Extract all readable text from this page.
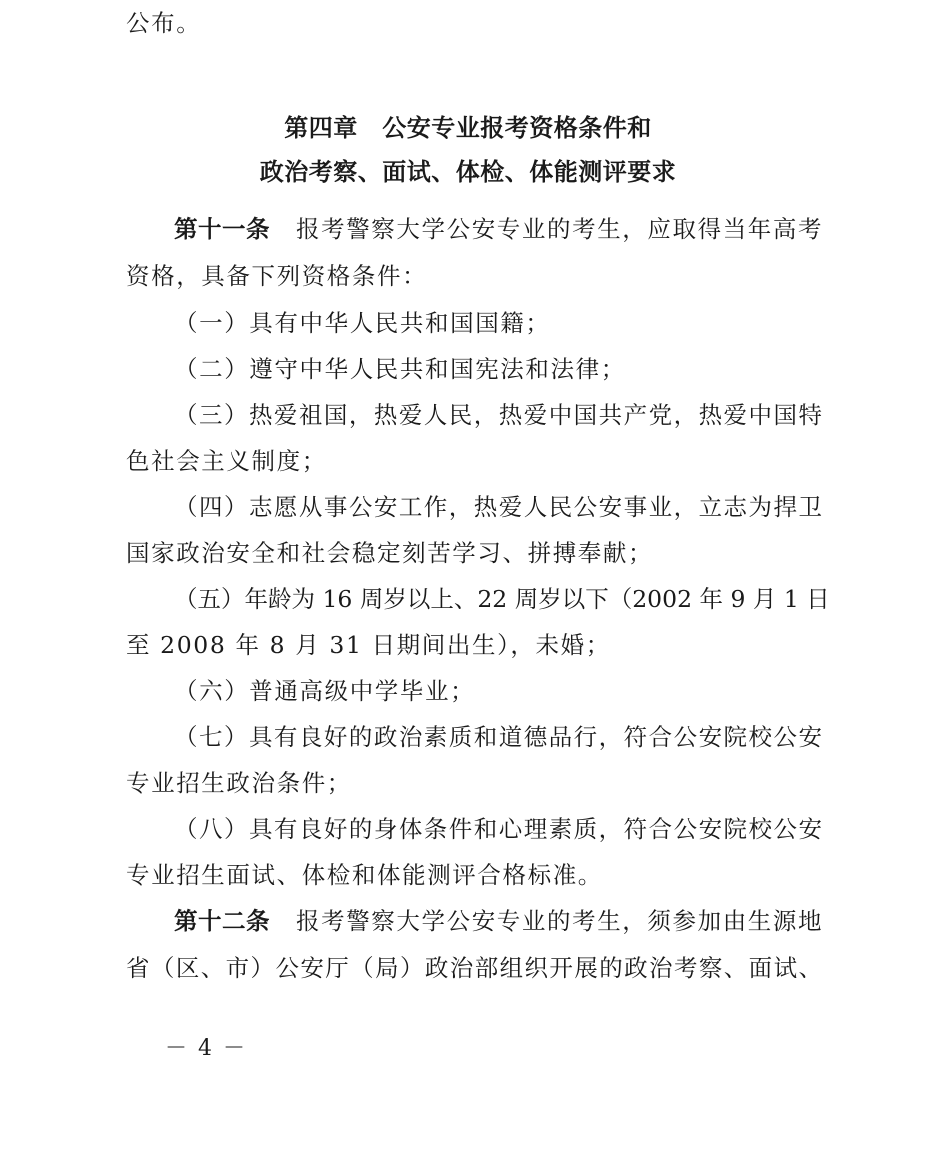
公布。
第四章　公安专业报考资格条件和
政治考察、面试、体检、体能测评要求
第十一条 报考警察大学公安专业的考生，应取得当年高考
资格，具备下列资格条件：
（一）具有中华人民共和国国籍；
（二）遵守中华人民共和国宪法和法律；
（三）热爱祖国，热爱人民，热爱中国共产党，热爱中国特
色社会主义制度；
（四）志愿从事公安工作，热爱人民公安事业，立志为捍卫
国家政治安全和社会稳定刻苦学习、拼搏奉献；
（五）年龄为 16 周岁以上、22 周岁以下（2002 年 9 月 1 日
至 2008 年 8 月 31 日期间出生），未婚；
（六）普通高级中学毕业；
（七）具有良好的政治素质和道德品行，符合公安院校公安
专业招生政治条件；
（八）具有良好的身体条件和心理素质，符合公安院校公安
专业招生面试、体检和体能测评合格标准。
第十二条 报考警察大学公安专业的考生，须参加由生源地
省（区、市）公安厅（局）政治部组织开展的政治考察、面试、
－ 4 －
